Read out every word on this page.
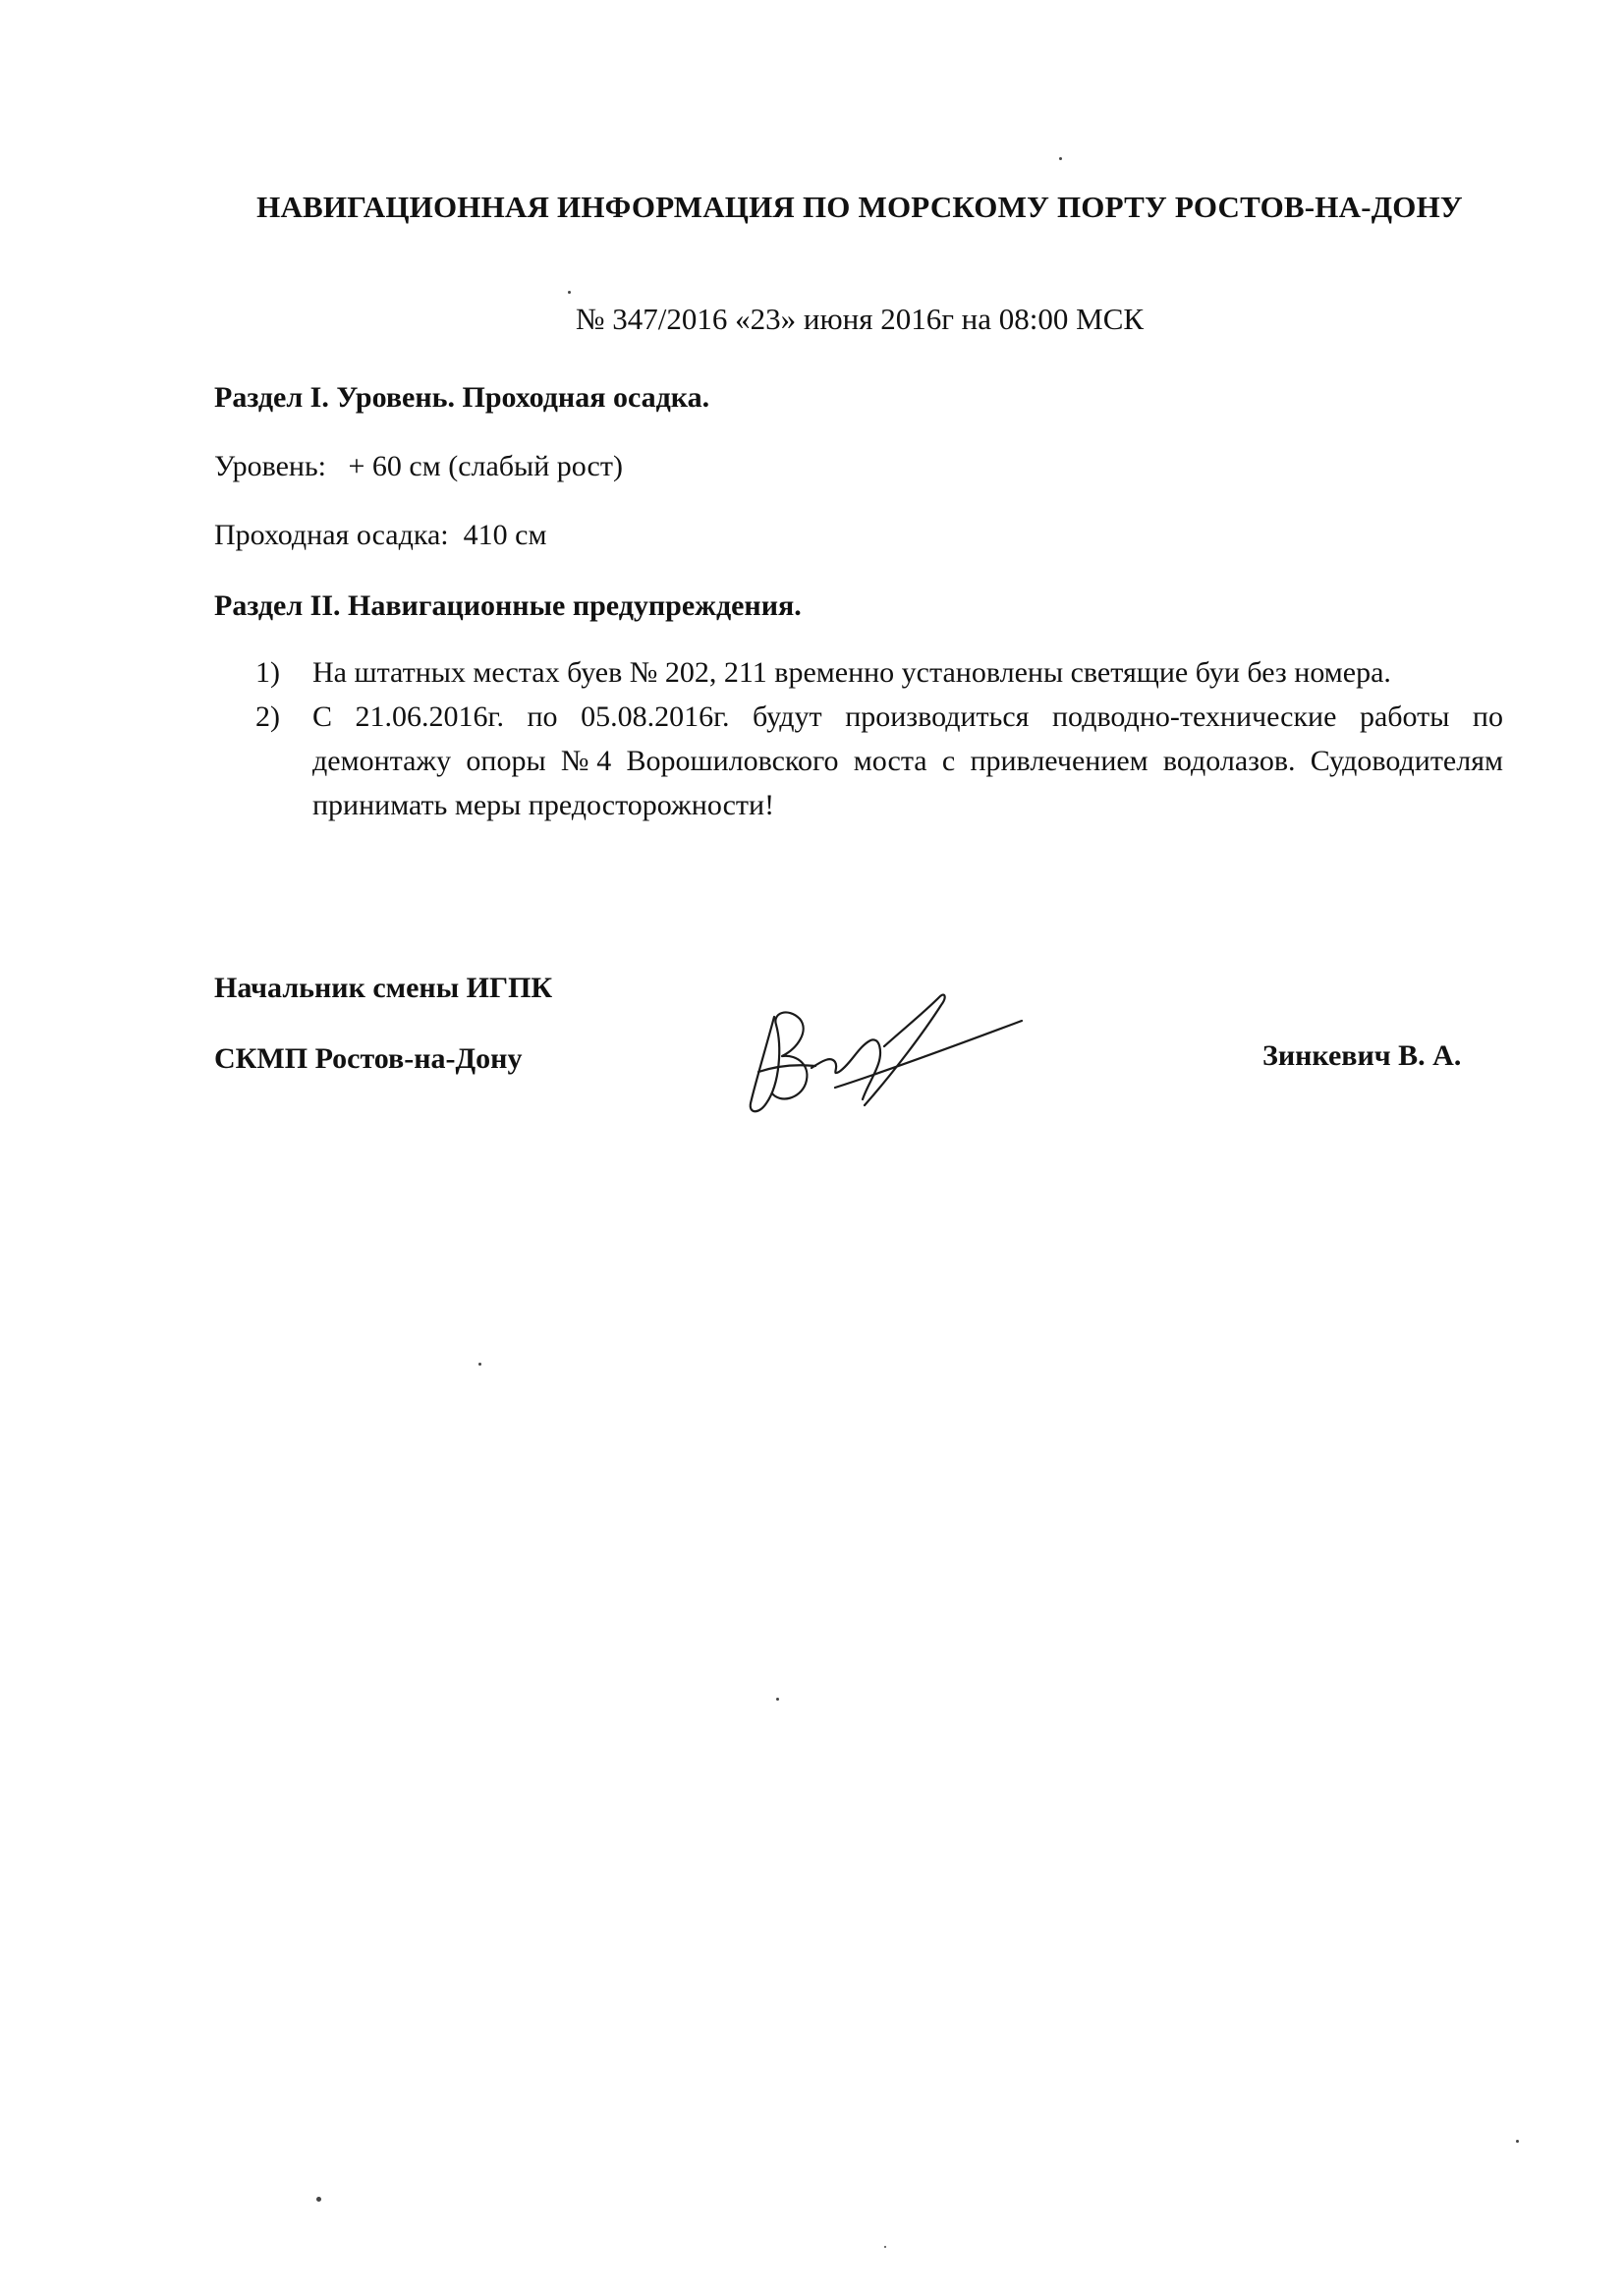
НАВИГАЦИОННАЯ ИНФОРМАЦИЯ ПО МОРСКОМУ ПОРТУ РОСТОВ-НА-ДОНУ
№ 347/2016 «23» июня 2016г на 08:00 МСК
Раздел I. Уровень. Проходная осадка.
Уровень: + 60 см (слабый рост)
Проходная осадка: 410 см
Раздел II. Навигационные предупреждения.
1) На штатных местах буев № 202, 211 временно установлены светящие буи без номера.
2) С 21.06.2016г. по 05.08.2016г. будут производиться подводно-технические работы по демонтажу опоры №4 Ворошиловского моста с привлечением водолазов. Судоводителям принимать меры предосторожности!
Начальник смены ИГПК
СКМП Ростов-на-Дону	Зинкевич В. А.
